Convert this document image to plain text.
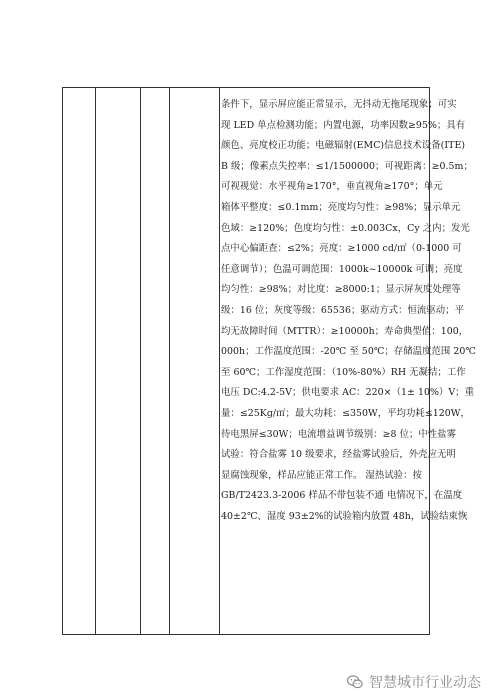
条件下，显示屏应能正常显示，无抖动无拖尾现象；可实
现 LED 单点检测功能；内置电源，功率因数≥95%；具有
颜色、亮度校正功能；电磁辐射(EMC)信息技术设备(ITE)
B 级；像素点失控率：≤1/1500000；可视距离：≥0.5m；
可视视觉：水平视角≥170°，垂直视角≥170°；单元
箱体平整度：≤0.1mm；亮度均匀性：≥98%；显示单元
色域：≥120%；色度均匀性：±0.003Cx，Cy 之内；发光
点中心偏距查：≤2%；亮度：≥1000 cd/㎡（0-1000 可
任意调节）；色温可调范围：1000k~10000k 可调；亮度
均匀性：≥98%；对比度：≥8000:1；显示屏灰度处理等
级：16 位；灰度等级：65536；驱动方式：恒流驱动；平
均无故障时间（MTTR）：≥10000h；寿命典型值：100，
000h；工作温度范围：-20℃ 至 50℃；存储温度范围 20℃
至 60℃；工作湿度范围：（10%-80%）RH 无凝结；工作
电压 DC:4.2-5V；供电要求 AC：220×（1± 10%）V；重
量：≤25Kg/㎡；最大功耗：≤350W，平均功耗≤120W，
待电黑屏≤30W；电流增益调节级别：≥8 位；中性盐雾
试验：符合盐雾 10 级要求，经盐雾试验后，外壳应无明
显腐蚀现象，样品应能正常工作。 湿热试验：按
GB/T2423.3-2006 样品不带包装不通 电情况下，在温度
40±2℃、湿度 93±2%的试验箱内放置 48h，试验结束恢
智慧城市行业动态
